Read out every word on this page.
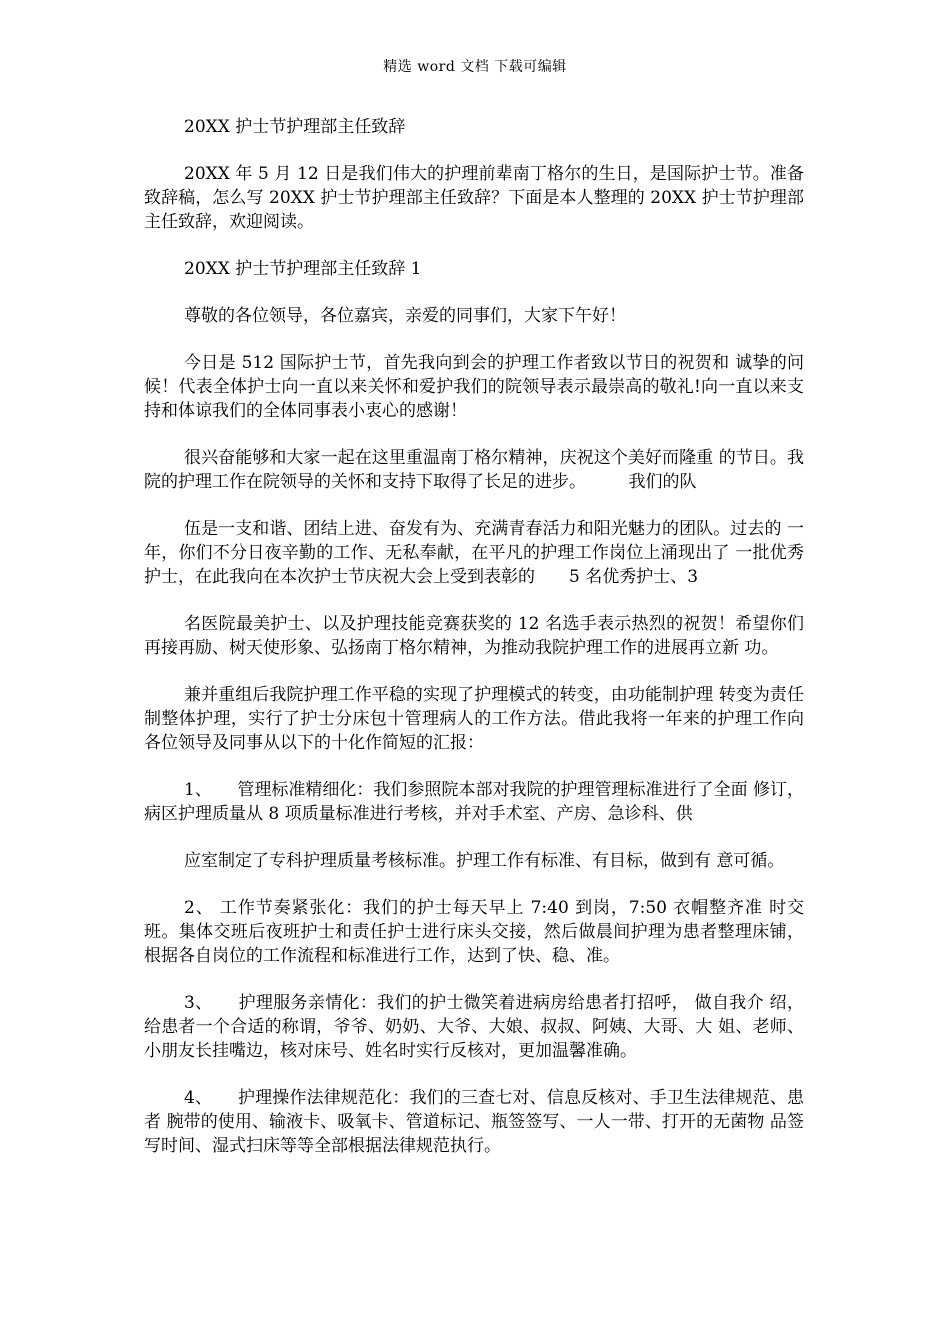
精选 word 文档 下载可编辑

20XX 护士节护理部主任致辞

20XX 年 5 月 12 日是我们伟大的护理前辈南丁格尔的生日，是国际护士节。准备致辞稿，怎么写 20XX 护士节护理部主任致辞？下面是本人整理的 20XX 护士节护理部主任致辞，欢迎阅读。

20XX 护士节护理部主任致辞 1

尊敬的各位领导，各位嘉宾，亲爱的同事们，大家下午好！

今日是 512 国际护士节，首先我向到会的护理工作者致以节日的祝贺和 诚挚的问候！代表全体护士向一直以来关怀和爱护我们的院领导表示最崇高的敬礼!向一直以来支持和体谅我们的全体同事表小衷心的感谢！

很兴奋能够和大家一起在这里重温南丁格尔精神，庆祝这个美好而隆重 的节日。我院的护理工作在院领导的关怀和支持下取得了长足的进步。　　　我们的队

伍是一支和谐、团结上进、奋发有为、充满青春活力和阳光魅力的团队。过去的 一年，你们不分日夜辛勤的工作、无私奉献，在平凡的护理工作岗位上涌现出了 一批优秀护士，在此我向在本次护士节庆祝大会上受到表彰的　　5 名优秀护士、3

名医院最美护士、以及护理技能竞赛获奖的 12 名选手表示热烈的祝贺！希望你们 再接再励、树天使形象、弘扬南丁格尔精神，为推动我院护理工作的进展再立新 功。

兼并重组后我院护理工作平稳的实现了护理模式的转变，由功能制护理 转变为责任制整体护理，实行了护士分床包十管理病人的工作方法。借此我将一年来的护理工作向各位领导及同事从以下的十化作简短的汇报：

1、　　管理标准精细化：我们参照院本部对我院的护理管理标准进行了全面 修订，病区护理质量从 8 项质量标准进行考核，并对手术室、产房、急诊科、供

应室制定了专科护理质量考核标准。护理工作有标准、有目标，做到有 意可循。

2、 工作节奏紧张化：我们的护士每天早上 7:40 到岗，7:50 衣帽整齐准 时交班。集体交班后夜班护士和责任护士进行床头交接，然后做晨间护理为患者整理床铺，根据各自岗位的工作流程和标准进行工作，达到了快、稳、准。

3、　　护理服务亲情化：我们的护士微笑着进病房给患者打招呼， 做自我介 绍，给患者一个合适的称谓，爷爷、奶奶、大爷、大娘、叔叔、阿姨、大哥、大 姐、老师、小朋友长挂嘴边，核对床号、姓名时实行反核对，更加温馨准确。

4、　　护理操作法律规范化：我们的三查七对、信息反核对、手卫生法律规范、患者 腕带的使用、输液卡、吸氧卡、管道标记、瓶签签写、一人一带、打开的无菌物 品签写时间、湿式扫床等等全部根据法律规范执行。
